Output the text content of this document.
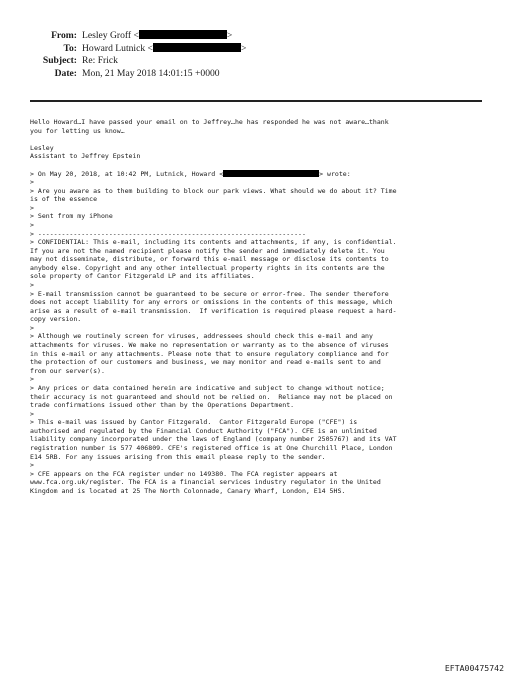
From: Lesley Groff <	>
To: Howard Lutnick <	>
Subject: Re: Frick
Date: Mon, 21 May 2018 14:01:15 +0000
Hello Howard…I have passed your email on to Jeffrey…he has responded he was not aware…thank
you for letting us know…
Lesley
Assistant to Jeffrey Epstein
> On May 20, 2018, at 10:42 PM, Lutnick, Howard <	> wrote:
>
> Are you aware as to them building to block our park views. What should we do about it? Time
is of the essence
>
> Sent from my iPhone
>
> --------------------------------------------------------------------
> CONFIDENTIAL: This e-mail, including its contents and attachments, if any, is confidential.
If you are not the named recipient please notify the sender and immediately delete it. You
may not disseminate, distribute, or forward this e-mail message or disclose its contents to
anybody else. Copyright and any other intellectual property rights in its contents are the
sole property of Cantor Fitzgerald LP and its affiliates.
>
> E-mail transmission cannot be guaranteed to be secure or error-free. The sender therefore
does not accept liability for any errors or omissions in the contents of this message, which
arise as a result of e-mail transmission.  If verification is required please request a hard-
copy version.
>
> Although we routinely screen for viruses, addressees should check this e-mail and any
attachments for viruses. We make no representation or warranty as to the absence of viruses
in this e-mail or any attachments. Please note that to ensure regulatory compliance and for
the protection of our customers and business, we may monitor and read e-mails sent to and
from our server(s).
>
> Any prices or data contained herein are indicative and subject to change without notice;
their accuracy is not guaranteed and should not be relied on.  Reliance may not be placed on
trade confirmations issued other than by the Operations Department.
>
> This e-mail was issued by Cantor Fitzgerald.  Cantor Fitzgerald Europe ("CFE") is
authorised and regulated by the Financial Conduct Authority ("FCA"). CFE is an unlimited
liability company incorporated under the laws of England (company number 2505767) and its VAT
registration number is 577 406809. CFE's registered office is at One Churchill Place, London
E14 5RB. For any issues arising from this email please reply to the sender.
>
> CFE appears on the FCA register under no 149380. The FCA register appears at
www.fca.org.uk/register. The FCA is a financial services industry regulator in the United
Kingdom and is located at 25 The North Colonnade, Canary Wharf, London, E14 5HS.
EFTA00475742
